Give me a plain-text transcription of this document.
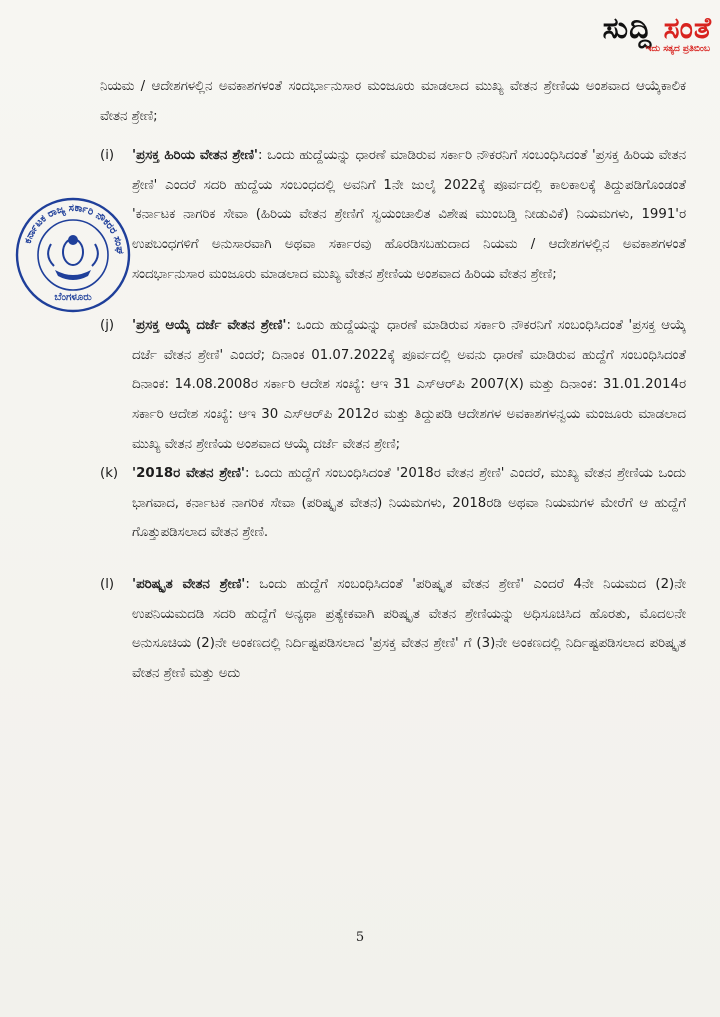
ಸುದ್ದಿ ಸಂತೆ
ಇದು ಸತ್ಯದ ಪ್ರತಿಬಿಂಬ
ಕರ್ನಾಟಕ ರಾಜ್ಯ ಸರ್ಕಾರಿ ನೌಕರರ ಸಂಘ
ಬೆಂಗಳೂರು

ನಿಯಮ / ಆದೇಶಗಳಲ್ಲಿನ ಅವಕಾಶಗಳಂತೆ ಸಂದರ್ಭಾನುಸಾರ ಮಂಜೂರು ಮಾಡಲಾದ ಮುಖ್ಯ ವೇತನ ಶ್ರೇಣಿಯ ಅಂಶವಾದ ಆಯ್ಕೆಕಾಲಿಕ ವೇತನ ಶ್ರೇಣಿ;

(i) 'ಪ್ರಸಕ್ತ ಹಿರಿಯ ವೇತನ ಶ್ರೇಣಿ': ಒಂದು ಹುದ್ದೆಯನ್ನು ಧಾರಣೆ ಮಾಡಿರುವ ಸರ್ಕಾರಿ ನೌಕರನಿಗೆ ಸಂಬಂಧಿಸಿದಂತೆ 'ಪ್ರಸಕ್ತ ಹಿರಿಯ ವೇತನ ಶ್ರೇಣಿ' ಎಂದರೆ ಸದರಿ ಹುದ್ದೆಯ ಸಂಬಂಧದಲ್ಲಿ ಅವನಿಗೆ 1ನೇ ಜುಲೈ 2022ಕ್ಕೆ ಪೂರ್ವದಲ್ಲಿ ಕಾಲಕಾಲಕ್ಕೆ ತಿದ್ದುಪಡಿಗೊಂಡಂತೆ 'ಕರ್ನಾಟಕ ನಾಗರಿಕ ಸೇವಾ (ಹಿರಿಯ ವೇತನ ಶ್ರೇಣಿಗೆ ಸ್ವಯಂಚಾಲಿತ ವಿಶೇಷ ಮುಂಬಡ್ತಿ ನೀಡುವಿಕೆ) ನಿಯಮಗಳು, 1991'ರ ಉಪಬಂಧಗಳಿಗೆ ಅನುಸಾರವಾಗಿ ಅಥವಾ ಸರ್ಕಾರವು ಹೊರಡಿಸಬಹುದಾದ ನಿಯಮ / ಆದೇಶಗಳಲ್ಲಿನ ಅವಕಾಶಗಳಂತೆ ಸಂದರ್ಭಾನುಸಾರ ಮಂಜೂರು ಮಾಡಲಾದ ಮುಖ್ಯ ವೇತನ ಶ್ರೇಣಿಯ ಅಂಶವಾದ ಹಿರಿಯ ವೇತನ ಶ್ರೇಣಿ;

(j) 'ಪ್ರಸಕ್ತ ಆಯ್ಕೆ ದರ್ಜೆ ವೇತನ ಶ್ರೇಣಿ': ಒಂದು ಹುದ್ದೆಯನ್ನು ಧಾರಣೆ ಮಾಡಿರುವ ಸರ್ಕಾರಿ ನೌಕರನಿಗೆ ಸಂಬಂಧಿಸಿದಂತೆ 'ಪ್ರಸಕ್ತ ಆಯ್ಕೆ ದರ್ಜೆ ವೇತನ ಶ್ರೇಣಿ' ಎಂದರೆ; ದಿನಾಂಕ 01.07.2022ಕ್ಕೆ ಪೂರ್ವದಲ್ಲಿ ಅವನು ಧಾರಣೆ ಮಾಡಿರುವ ಹುದ್ದೆಗೆ ಸಂಬಂಧಿಸಿದಂತೆ ದಿನಾಂಕ: 14.08.2008ರ ಸರ್ಕಾರಿ ಆದೇಶ ಸಂಖ್ಯೆ: ಆಇ 31 ಎಸ್‌ಆರ್‌ಪಿ 2007(X) ಮತ್ತು ದಿನಾಂಕ: 31.01.2014ರ ಸರ್ಕಾರಿ ಆದೇಶ ಸಂಖ್ಯೆ: ಆಇ 30 ಎಸ್‌ಆರ್‌ಪಿ 2012ರ ಮತ್ತು ತಿದ್ದುಪಡಿ ಆದೇಶಗಳ ಅವಕಾಶಗಳನ್ವಯ ಮಂಜೂರು ಮಾಡಲಾದ ಮುಖ್ಯ ವೇತನ ಶ್ರೇಣಿಯ ಅಂಶವಾದ ಆಯ್ಕೆ ದರ್ಜೆ ವೇತನ ಶ್ರೇಣಿ;

(k) '2018ರ ವೇತನ ಶ್ರೇಣಿ': ಒಂದು ಹುದ್ದೆಗೆ ಸಂಬಂಧಿಸಿದಂತೆ '2018ರ ವೇತನ ಶ್ರೇಣಿ' ಎಂದರೆ, ಮುಖ್ಯ ವೇತನ ಶ್ರೇಣಿಯ ಒಂದು ಭಾಗವಾದ, ಕರ್ನಾಟಕ ನಾಗರಿಕ ಸೇವಾ (ಪರಿಷ್ಕೃತ ವೇತನ) ನಿಯಮಗಳು, 2018ರಡಿ ಅಥವಾ ನಿಯಮಗಳ ಮೇರೆಗೆ ಆ ಹುದ್ದೆಗೆ ಗೊತ್ತುಪಡಿಸಲಾದ ವೇತನ ಶ್ರೇಣಿ.

(l) 'ಪರಿಷ್ಕೃತ ವೇತನ ಶ್ರೇಣಿ': ಒಂದು ಹುದ್ದೆಗೆ ಸಂಬಂಧಿಸಿದಂತೆ 'ಪರಿಷ್ಕೃತ ವೇತನ ಶ್ರೇಣಿ' ಎಂದರೆ 4ನೇ ನಿಯಮದ (2)ನೇ ಉಪನಿಯಮದಡಿ ಸದರಿ ಹುದ್ದೆಗೆ ಅನ್ಯಥಾ ಪ್ರತ್ಯೇಕವಾಗಿ ಪರಿಷ್ಕೃತ ವೇತನ ಶ್ರೇಣಿಯನ್ನು ಅಧಿಸೂಚಿಸಿದ ಹೊರತು, ಮೊದಲನೇ ಅನುಸೂಚಿಯ (2)ನೇ ಅಂಕಣದಲ್ಲಿ ನಿರ್ದಿಷ್ಟಪಡಿಸಲಾದ 'ಪ್ರಸಕ್ತ ವೇತನ ಶ್ರೇಣಿ' ಗೆ (3)ನೇ ಅಂಕಣದಲ್ಲಿ ನಿರ್ದಿಷ್ಟಪಡಿಸಲಾದ ಪರಿಷ್ಕೃತ ವೇತನ ಶ್ರೇಣಿ ಮತ್ತು ಅದು

5
